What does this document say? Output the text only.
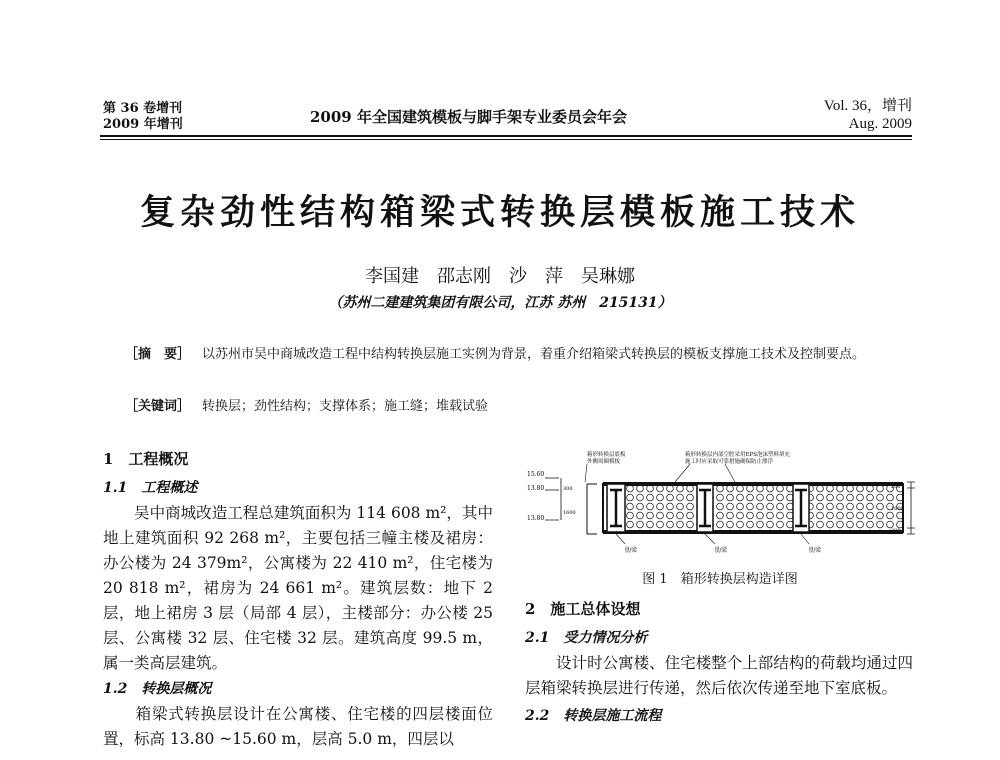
第 36 卷增刊
2009 年增刊	2009 年全国建筑模板与脚手架专业委员会年会
Vol. 36，增刊
Aug. 2009
复杂劲性结构箱梁式转换层模板施工技术
李国建　邵志刚　沙　萍　吴琳娜
（苏州二建建筑集团有限公司，江苏 苏州　215131）
［摘　要］ 以苏州市吴中商城改造工程中结构转换层施工实例为背景，着重介绍箱梁式转换层的模板支撑施工技术及控制要点。
［关键词］ 转换层；劲性结构；支撑体系；施工缝；堆载试验
1　工程概况
1.1　工程概述
　　吴中商城改造工程总建筑面积为 114 608 m²，其中地上建筑面积 92 268 m²，主要包括三幢主楼及裙房：办公楼为 24 379m²，公寓楼为 22 410 m²，住宅楼为 20 818 m²，裙房为 24 661 m²。建筑层数：地下 2 层，地上裙房 3 层（局部 4 层），主楼部分：办公楼 25 层、公寓楼 32 层、住宅楼 32 层。建筑高度 99.5 m，属一类高层建筑。
1.2　转换层概况
　　箱梁式转换层设计在公寓楼、住宅楼的四层楼面位置，标高 13.80 ~15.60 m，层高 5.0 m，四层以
15.60
13.80
13.80
300
1600
200
1600
200
箱形转换层底板
外侧周圈模板
箱形转换层内部空腔采用EPS泡沫塑料填充
施工时应采取可靠措施确保防止漂浮
肋梁	肋梁	肋梁
图 1　箱形转换层构造详图
2　施工总体设想
2.1　受力情况分析
　　设计时公寓楼、住宅楼整个上部结构的荷载均通过四层箱梁转换层进行传递，然后依次传递至地下室底板。
2.2　转换层施工流程
